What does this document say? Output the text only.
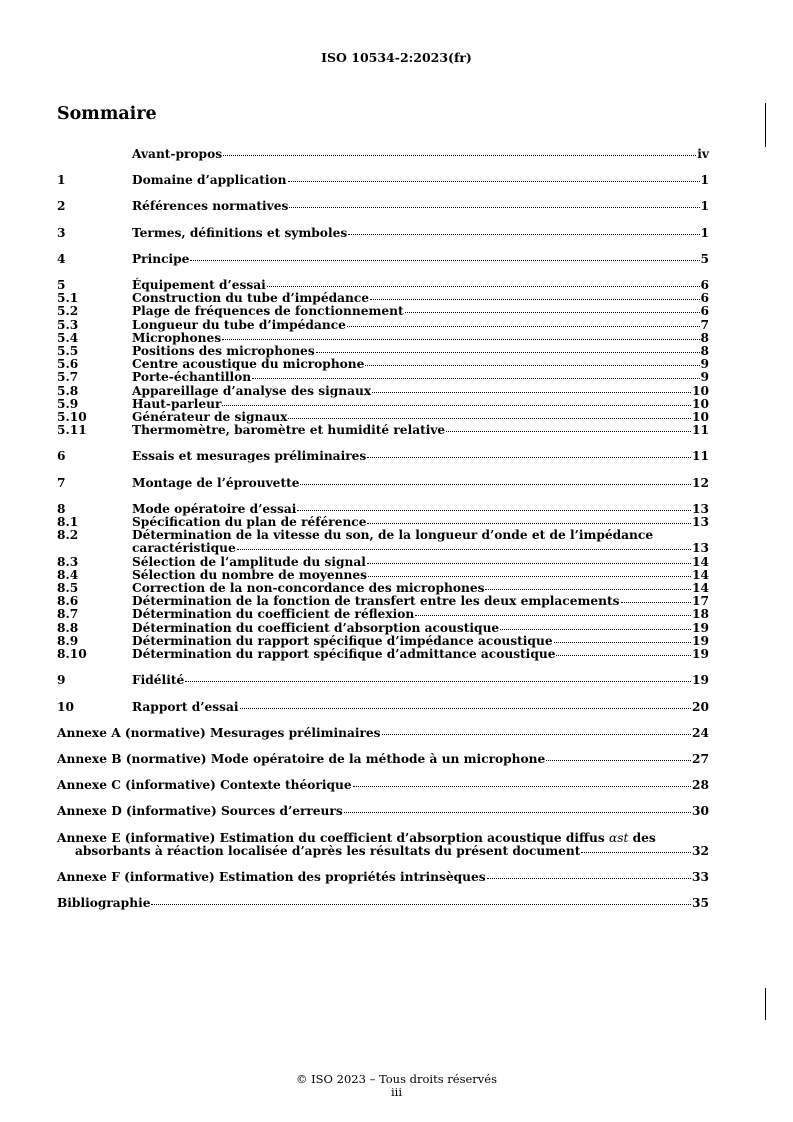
ISO 10534-2:2023(fr)
Sommaire
Avant-propos	iv
1	Domaine d’application	1
2	Références normatives	1
3	Termes, définitions et symboles	1
4	Principe	5
5	Équipement d’essai	6
5.1	Construction du tube d’impédance	6
5.2	Plage de fréquences de fonctionnement	6
5.3	Longueur du tube d’impédance	7
5.4	Microphones	8
5.5	Positions des microphones	8
5.6	Centre acoustique du microphone	9
5.7	Porte-échantillon	9
5.8	Appareillage d’analyse des signaux	10
5.9	Haut-parleur	10
5.10	Générateur de signaux	10
5.11	Thermomètre, baromètre et humidité relative	11
6	Essais et mesurages préliminaires	11
7	Montage de l’éprouvette	12
8	Mode opératoire d’essai	13
8.1	Spécification du plan de référence	13
8.2	Détermination de la vitesse du son, de la longueur d’onde et de l’impédance
caractéristique	13
8.3	Sélection de l’amplitude du signal	14
8.4	Sélection du nombre de moyennes	14
8.5	Correction de la non-concordance des microphones	14
8.6	Détermination de la fonction de transfert entre les deux emplacements	17
8.7	Détermination du coefficient de réflexion	18
8.8	Détermination du coefficient d’absorption acoustique	19
8.9	Détermination du rapport spécifique d’impédance acoustique	19
8.10	Détermination du rapport spécifique d’admittance acoustique	19
9	Fidélité	19
10	Rapport d’essai	20
Annexe A (normative) Mesurages préliminaires	24
Annexe B (normative) Mode opératoire de la méthode à un microphone	27
Annexe C (informative) Contexte théorique	28
Annexe D (informative) Sources d’erreurs	30
Annexe E (informative) Estimation du coefficient d’absorption acoustique diffus αst des
absorbants à réaction localisée d’après les résultats du présent document	32
Annexe F (informative) Estimation des propriétés intrinsèques	33
Bibliographie	35
© ISO 2023 – Tous droits réservés
iii
